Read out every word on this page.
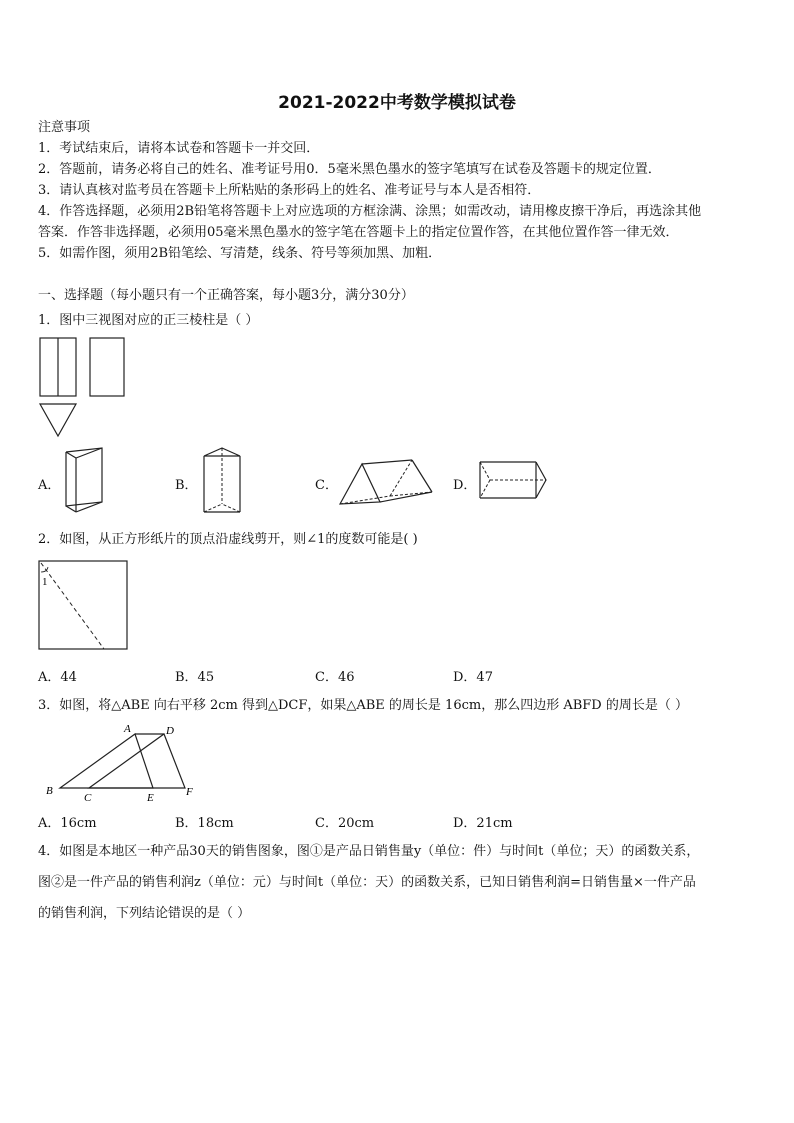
2021-2022中考数学模拟试卷
注意事项
1．考试结束后，请将本试卷和答题卡一并交回．
2．答题前，请务必将自己的姓名、准考证号用0．5毫米黑色墨水的签字笔填写在试卷及答题卡的规定位置．
3．请认真核对监考员在答题卡上所粘贴的条形码上的姓名、准考证号与本人是否相符．
4．作答选择题，必须用2B铅笔将答题卡上对应选项的方框涂满、涂黑；如需改动，请用橡皮擦干净后，再选涂其他
答案．作答非选择题，必须用05毫米黑色墨水的签字笔在答题卡上的指定位置作答，在其他位置作答一律无效．
5．如需作图，须用2B铅笔绘、写清楚，线条、符号等须加黑、加粗．
一、选择题（每小题只有一个正确答案，每小题3分，满分30分）
1．图中三视图对应的正三棱柱是（ ）
A．	B．	C．	D．
2．如图，从正方形纸片的顶点沿虚线剪开，则∠1的度数可能是( )
1
A．44	B．45	C．46	D．47
3．如图，将△ABE 向右平移 2cm 得到△DCF，如果△ABE 的周长是 16cm，那么四边形 ABFD 的周长是（ ）
A	D
B
C	E	F
A．16cm	B．18cm	C．20cm	D．21cm
4．如图是本地区一种产品30天的销售图象，图①是产品日销售量y（单位：件）与时间t（单位；天）的函数关系，
图②是一件产品的销售利润z（单位：元）与时间t（单位：天）的函数关系，已知日销售利润=日销售量×一件产品
的销售利润，下列结论错误的是（ ）
